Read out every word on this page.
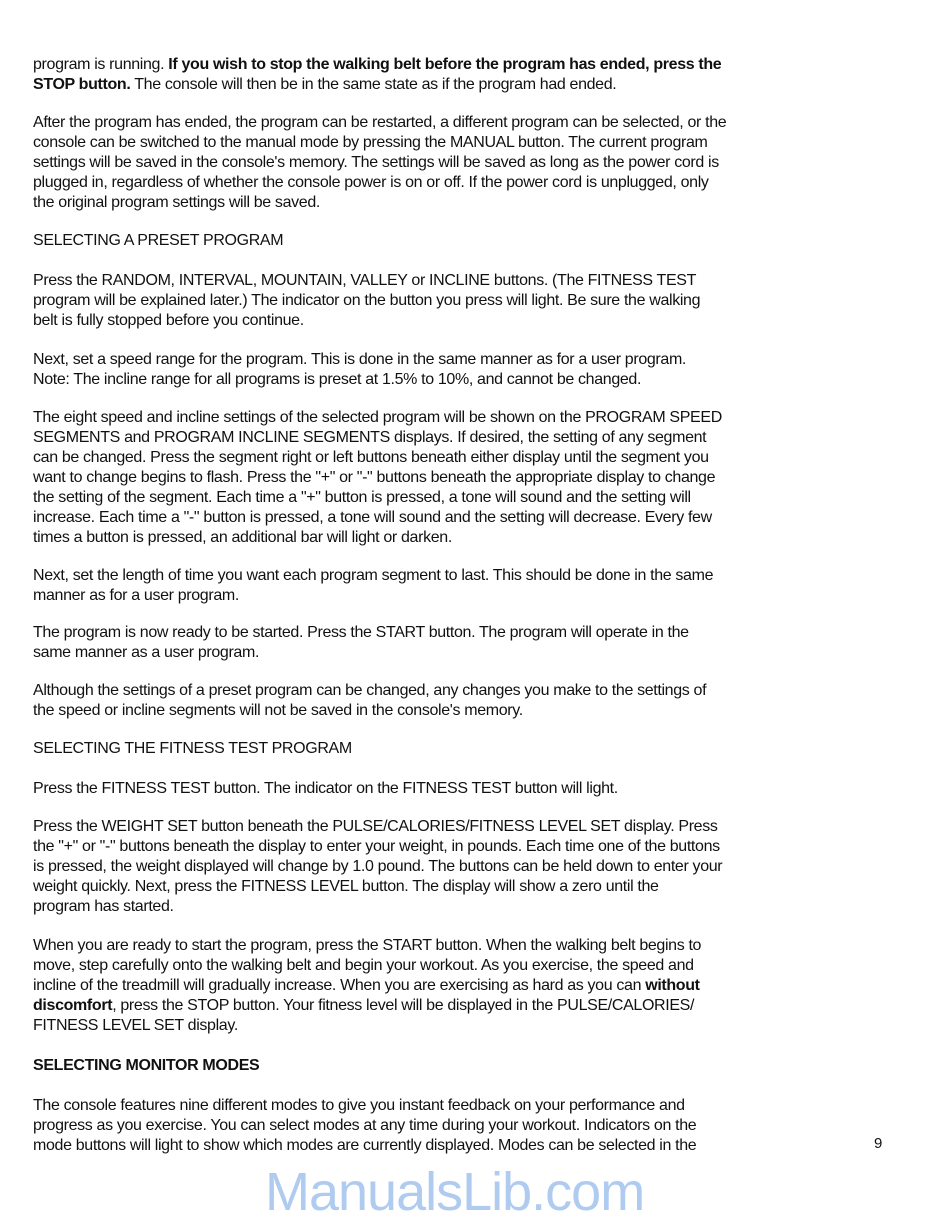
program is running. If you wish to stop the walking belt before the program has ended, press the
STOP button. The console will then be in the same state as if the program had ended.
After the program has ended, the program can be restarted, a different program can be selected, or the
console can be switched to the manual mode by pressing the MANUAL button. The current program
settings will be saved in the console's memory. The settings will be saved as long as the power cord is
plugged in, regardless of whether the console power is on or off. If the power cord is unplugged, only
the original program settings will be saved.
SELECTING A PRESET PROGRAM
Press the RANDOM, INTERVAL, MOUNTAIN, VALLEY or INCLINE buttons. (The FITNESS TEST
program will be explained later.) The indicator on the button you press will light. Be sure the walking
belt is fully stopped before you continue.
Next, set a speed range for the program. This is done in the same manner as for a user program.
Note: The incline range for all programs is preset at 1.5% to 10%, and cannot be changed.
The eight speed and incline settings of the selected program will be shown on the PROGRAM SPEED
SEGMENTS and PROGRAM INCLINE SEGMENTS displays. If desired, the setting of any segment
can be changed. Press the segment right or left buttons beneath either display until the segment you
want to change begins to flash. Press the "+" or "-" buttons beneath the appropriate display to change
the setting of the segment. Each time a "+" button is pressed, a tone will sound and the setting will
increase. Each time a "-" button is pressed, a tone will sound and the setting will decrease. Every few
times a button is pressed, an additional bar will light or darken.
Next, set the length of time you want each program segment to last. This should be done in the same
manner as for a user program.
The program is now ready to be started. Press the START button. The program will operate in the
same manner as a user program.
Although the settings of a preset program can be changed, any changes you make to the settings of
the speed or incline segments will not be saved in the console's memory.
SELECTING THE FITNESS TEST PROGRAM
Press the FITNESS TEST button. The indicator on the FITNESS TEST button will light.
Press the WEIGHT SET button beneath the PULSE/CALORIES/FITNESS LEVEL SET display. Press
the "+" or "-" buttons beneath the display to enter your weight, in pounds. Each time one of the buttons
is pressed, the weight displayed will change by 1.0 pound. The buttons can be held down to enter your
weight quickly. Next, press the FITNESS LEVEL button. The display will show a zero until the
program has started.
When you are ready to start the program, press the START button. When the walking belt begins to
move, step carefully onto the walking belt and begin your workout. As you exercise, the speed and
incline of the treadmill will gradually increase. When you are exercising as hard as you can without
discomfort, press the STOP button. Your fitness level will be displayed in the PULSE/CALORIES/
FITNESS LEVEL SET display.
SELECTING MONITOR MODES
The console features nine different modes to give you instant feedback on your performance and
progress as you exercise. You can select modes at any time during your workout. Indicators on the
mode buttons will light to show which modes are currently displayed. Modes can be selected in the	9
ManualsLib.com
